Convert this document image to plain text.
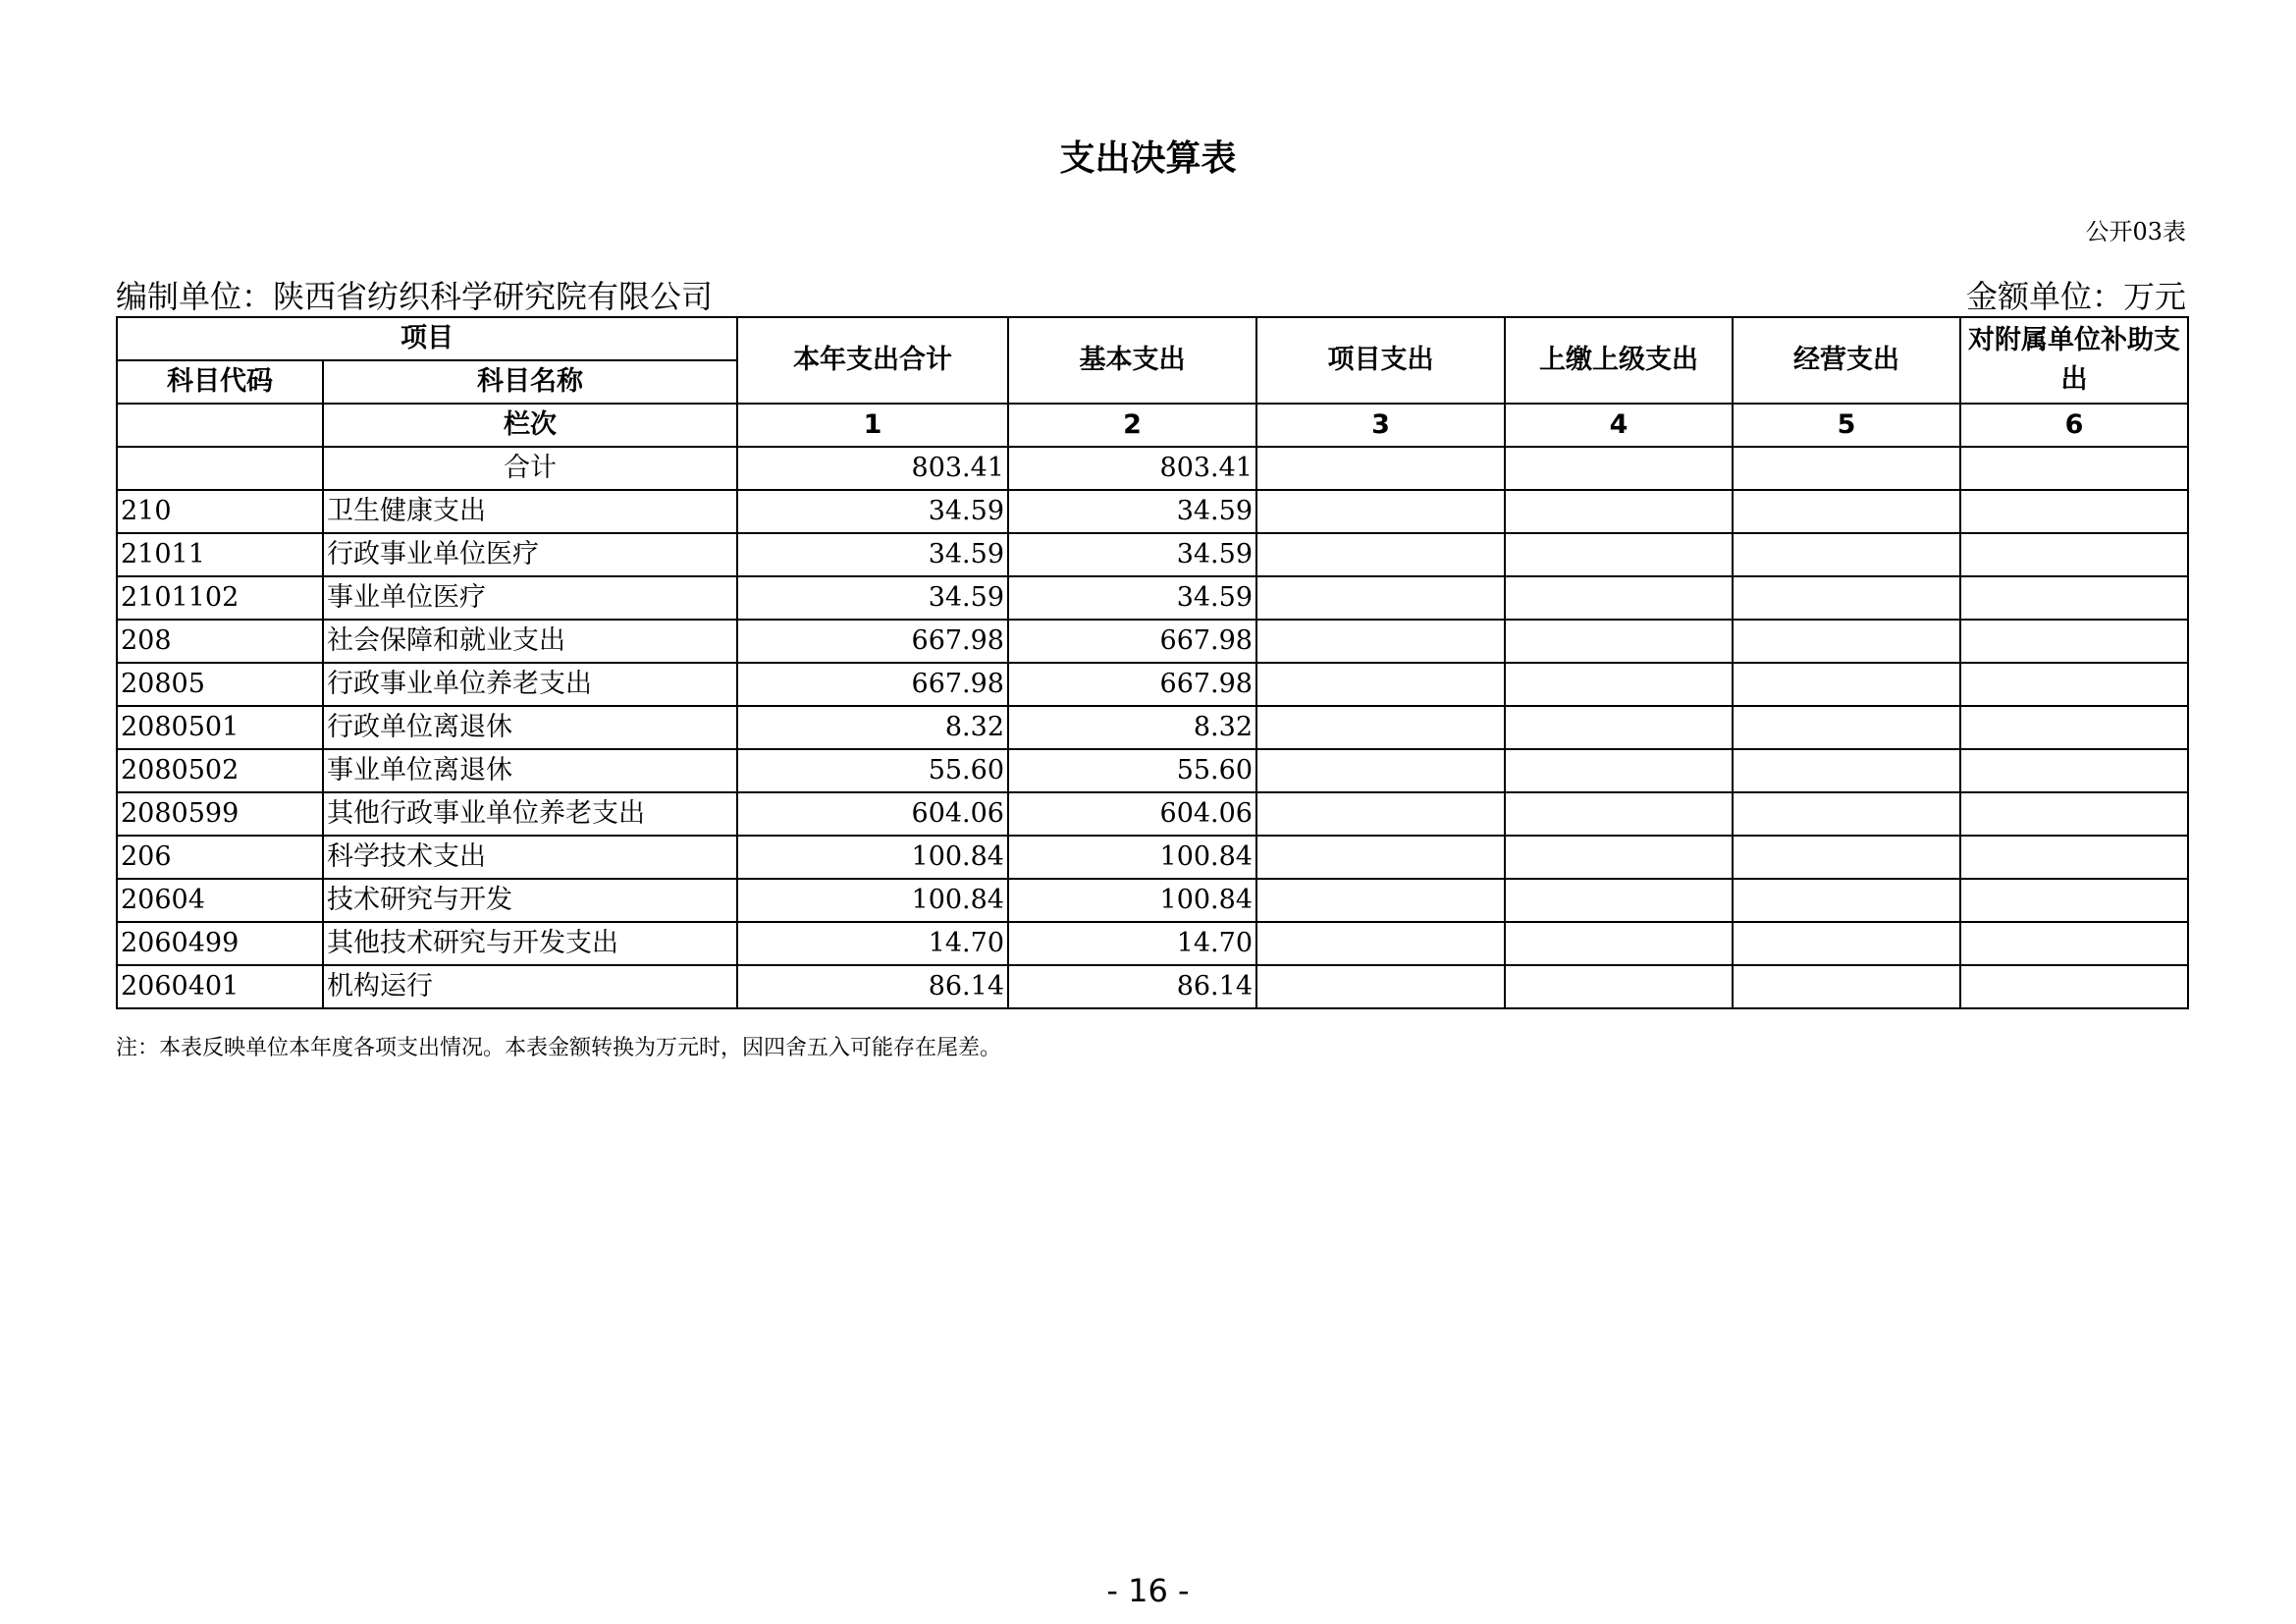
支出决算表
公开03表
编制单位：陕西省纺织科学研究院有限公司	金额单位：万元
项目		本年支出合计	基本支出	项目支出	上缴上级支出	经营支出	对附属单位补助支出
科目代码	科目名称						
	栏次	1	2	3	4	5	6
	合计	803.41	803.41				
210	卫生健康支出	34.59	34.59				
21011	行政事业单位医疗	34.59	34.59				
2101102	事业单位医疗	34.59	34.59				
208	社会保障和就业支出	667.98	667.98				
20805	行政事业单位养老支出	667.98	667.98				
2080501	行政单位离退休	8.32	8.32				
2080502	事业单位离退休	55.60	55.60				
2080599	其他行政事业单位养老支出	604.06	604.06				
206	科学技术支出	100.84	100.84				
20604	技术研究与开发	100.84	100.84				
2060499	其他技术研究与开发支出	14.70	14.70				
2060401	机构运行	86.14	86.14				
注：本表反映单位本年度各项支出情况。本表金额转换为万元时，因四舍五入可能存在尾差。
- 16 -
